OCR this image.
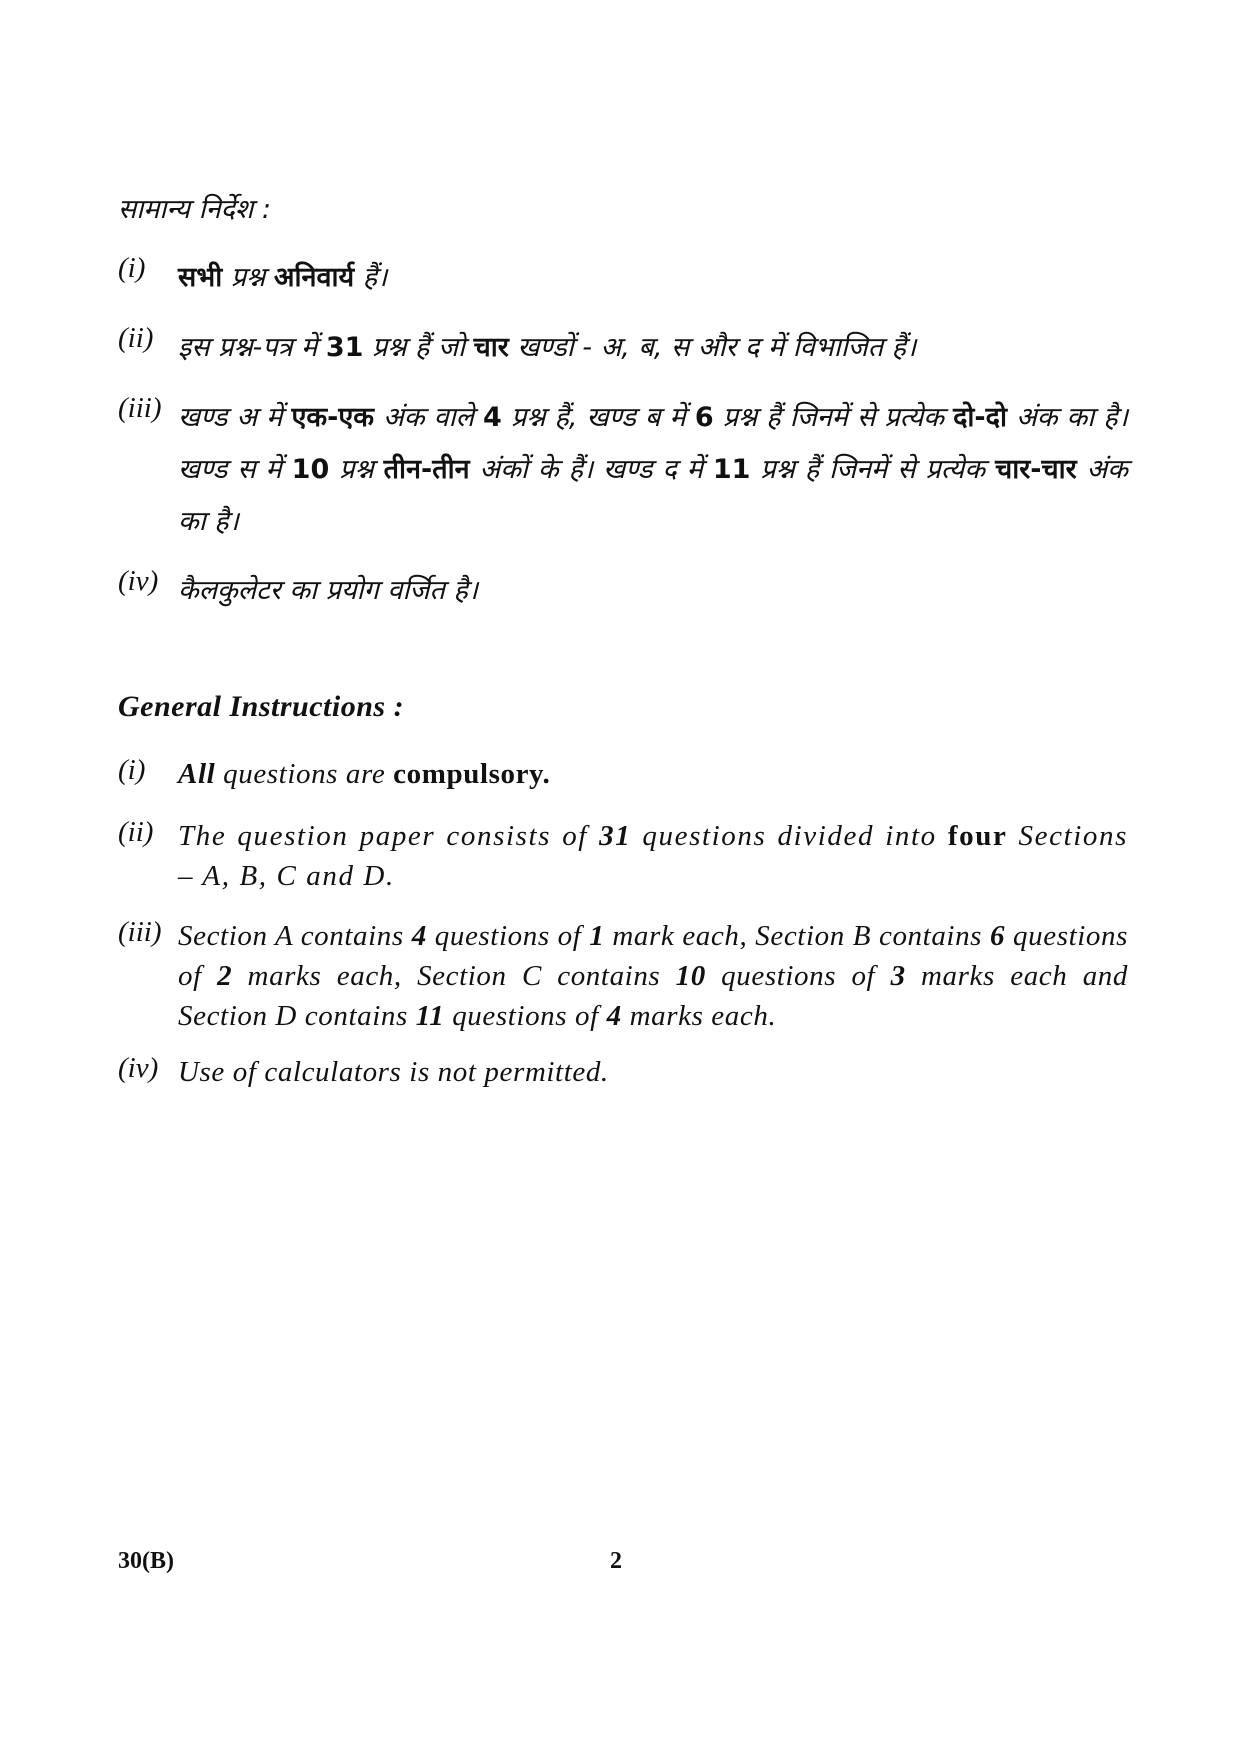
सामान्य निर्देश :
(i) सभी प्रश्न अनिवार्य हैं।
(ii) इस प्रश्न-पत्र में 31 प्रश्न हैं जो चार खण्डों - अ, ब, स और द में विभाजित हैं।
(iii) खण्ड अ में एक-एक अंक वाले 4 प्रश्न हैं, खण्ड ब में 6 प्रश्न हैं जिनमें से प्रत्येक दो-दो अंक का है। खण्ड स में 10 प्रश्न तीन-तीन अंकों के हैं। खण्ड द में 11 प्रश्न हैं जिनमें से प्रत्येक चार-चार अंक का है।
(iv) कैलकुलेटर का प्रयोग वर्जित है।
General Instructions :
(i) All questions are compulsory.
(ii) The question paper consists of 31 questions divided into four Sections – A, B, C and D.
(iii) Section A contains 4 questions of 1 mark each, Section B contains 6 questions of 2 marks each, Section C contains 10 questions of 3 marks each and Section D contains 11 questions of 4 marks each.
(iv) Use of calculators is not permitted.
30(B)	2
